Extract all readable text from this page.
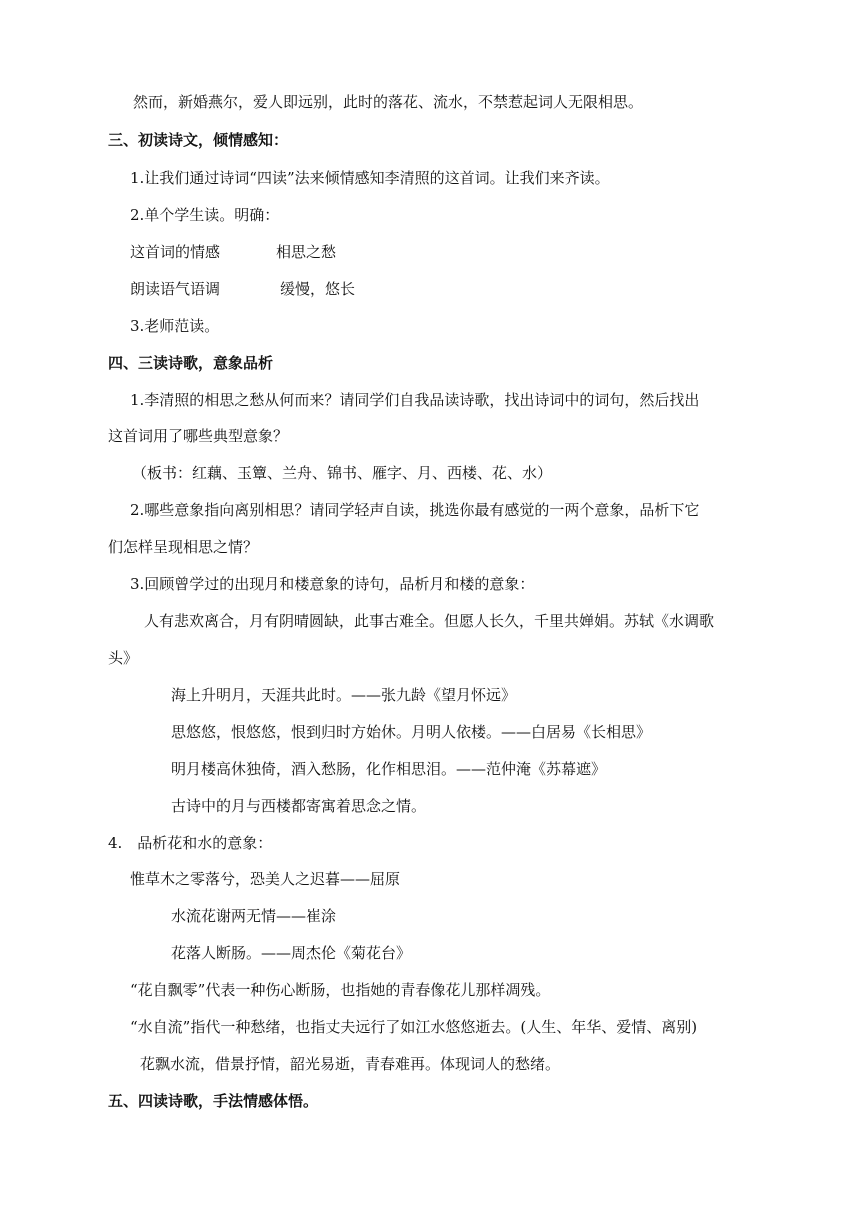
然而，新婚燕尔，爱人即远别，此时的落花、流水，不禁惹起词人无限相思。
三、初读诗文，倾情感知：
1.让我们通过诗词“四读”法来倾情感知李清照的这首词。让我们来齐读。
2.单个学生读。明确：
这首词的情感	相思之愁
朗读语气语调	缓慢，悠长
3.老师范读。
四、三读诗歌，意象品析
1.李清照的相思之愁从何而来？请同学们自我品读诗歌，找出诗词中的词句，然后找出
这首词用了哪些典型意象？
（板书：红藕、玉簟、兰舟、锦书、雁字、月、西楼、花、水）
2.哪些意象指向离别相思？请同学轻声自读，挑选你最有感觉的一两个意象，品析下它
们怎样呈现相思之情？
3.回顾曾学过的出现月和楼意象的诗句，品析月和楼的意象：
人有悲欢离合，月有阴晴圆缺，此事古难全。但愿人长久，千里共婵娟。苏轼《水调歌
头》
海上升明月，天涯共此时。——张九龄《望月怀远》
思悠悠，恨悠悠，恨到归时方始休。月明人依楼。——白居易《长相思》
明月楼高休独倚，酒入愁肠，化作相思泪。——范仲淹《苏幕遮》
古诗中的月与西楼都寄寓着思念之情。
4.　品析花和水的意象：
惟草木之零落兮，恐美人之迟暮——屈原
水流花谢两无情——崔涂
花落人断肠。——周杰伦《菊花台》
“花自飘零”代表一种伤心断肠，也指她的青春像花儿那样凋残。
“水自流”指代一种愁绪，也指丈夫远行了如江水悠悠逝去。(人生、年华、爱情、离别)
花飘水流，借景抒情，韶光易逝，青春难再。体现词人的愁绪。
五、四读诗歌，手法情感体悟。
